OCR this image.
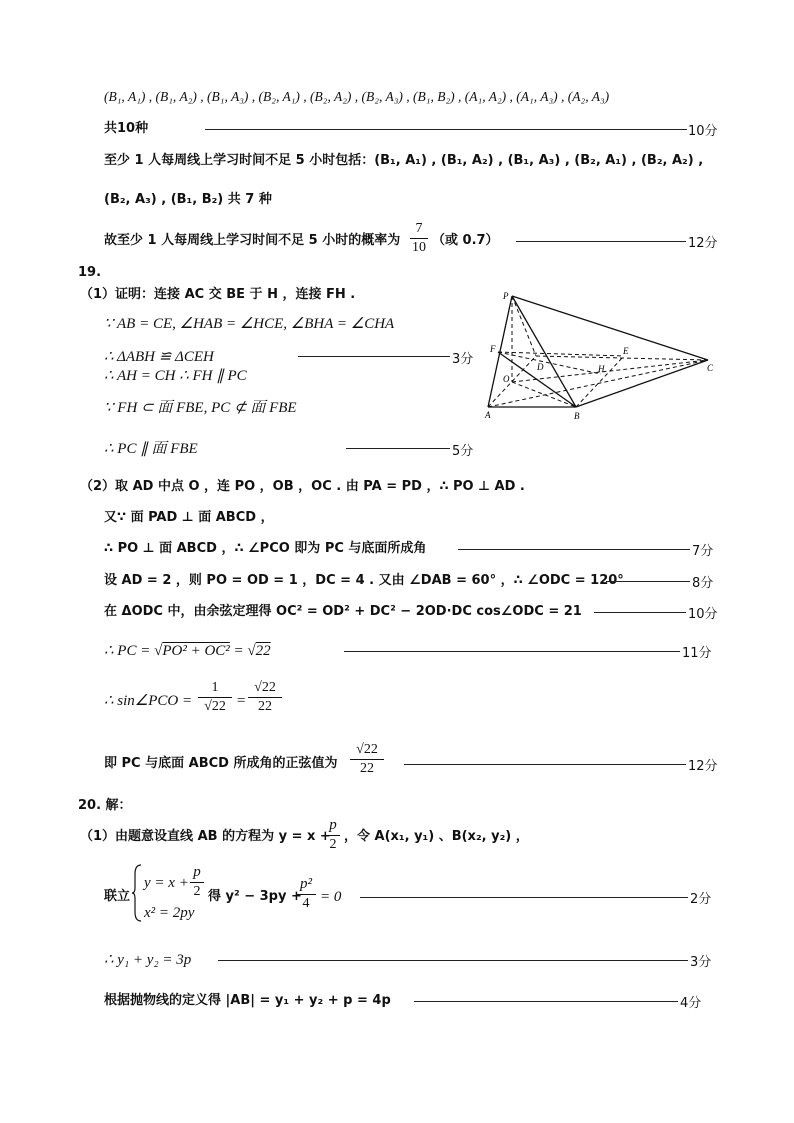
(B₁, A₁) , (B₁, A₂) , (B₁, A₃) , (B₂, A₁) , (B₂, A₂) , (B₂, A₃) , (B₁, B₂) , (A₁, A₂) , (A₁, A₃) , (A₂, A₃)
共10种	10分
至少 1 人每周线上学习时间不足 5 小时包括：(B₁, A₁) , (B₁, A₂) , (B₁, A₃) , (B₂, A₁) , (B₂, A₂) ,
(B₂, A₃) , (B₁, B₂) 共 7 种
故至少 1 人每周线上学习时间不足 5 小时的概率为
7
10 （或 0.7）	12分
19.
（1）证明：连接 AC 交 BE 于 H ，连接 FH .
∵ AB = CE, ∠HAB = ∠HCE, ∠BHA = ∠CHA
∴ ΔABH ≌ ΔCEH	3分
∴ AH = CH ∴ FH ∥ PC
∵ FH ⊂ 面 FBE, PC ⊄ 面 FBE
∴ PC ∥ 面 FBE	5分
P
F
D
E
O
H
A	B
C
（2）取 AD 中点 O ，连 PO ，OB ，OC . 由 PA = PD ，∴ PO ⊥ AD .
又∵ 面 PAD ⊥ 面 ABCD ，
∴ PO ⊥ 面 ABCD ，∴ ∠PCO 即为 PC 与底面所成角	7分
设 AD = 2 ，则 PO = OD = 1 ，DC = 4 . 又由 ∠DAB = 60° ，∴ ∠ODC = 120°	8分
在 ΔODC 中，由余弦定理得 OC² = OD² + DC² − 2OD·DC cos∠ODC = 21	10分
∴ PC = √PO² + OC² = √22	11分
∴ sin∠PCO =
1
√22 =
√22
22
即 PC 与底面 ABCD 所成角的正弦值为
√22
22	12分
20. 解：
（1）由题意设直线 AB 的方程为 y = x +
p
2
，令 A(x₁, y₁) 、B(x₂, y₂) ，
联立
y = x +
p
2
x² = 2py
得 y² − 3py +
p²
4 = 0	2分
∴ y₁ + y₂ = 3p	3分
根据抛物线的定义得 |AB| = y₁ + y₂ + p = 4p	4分
